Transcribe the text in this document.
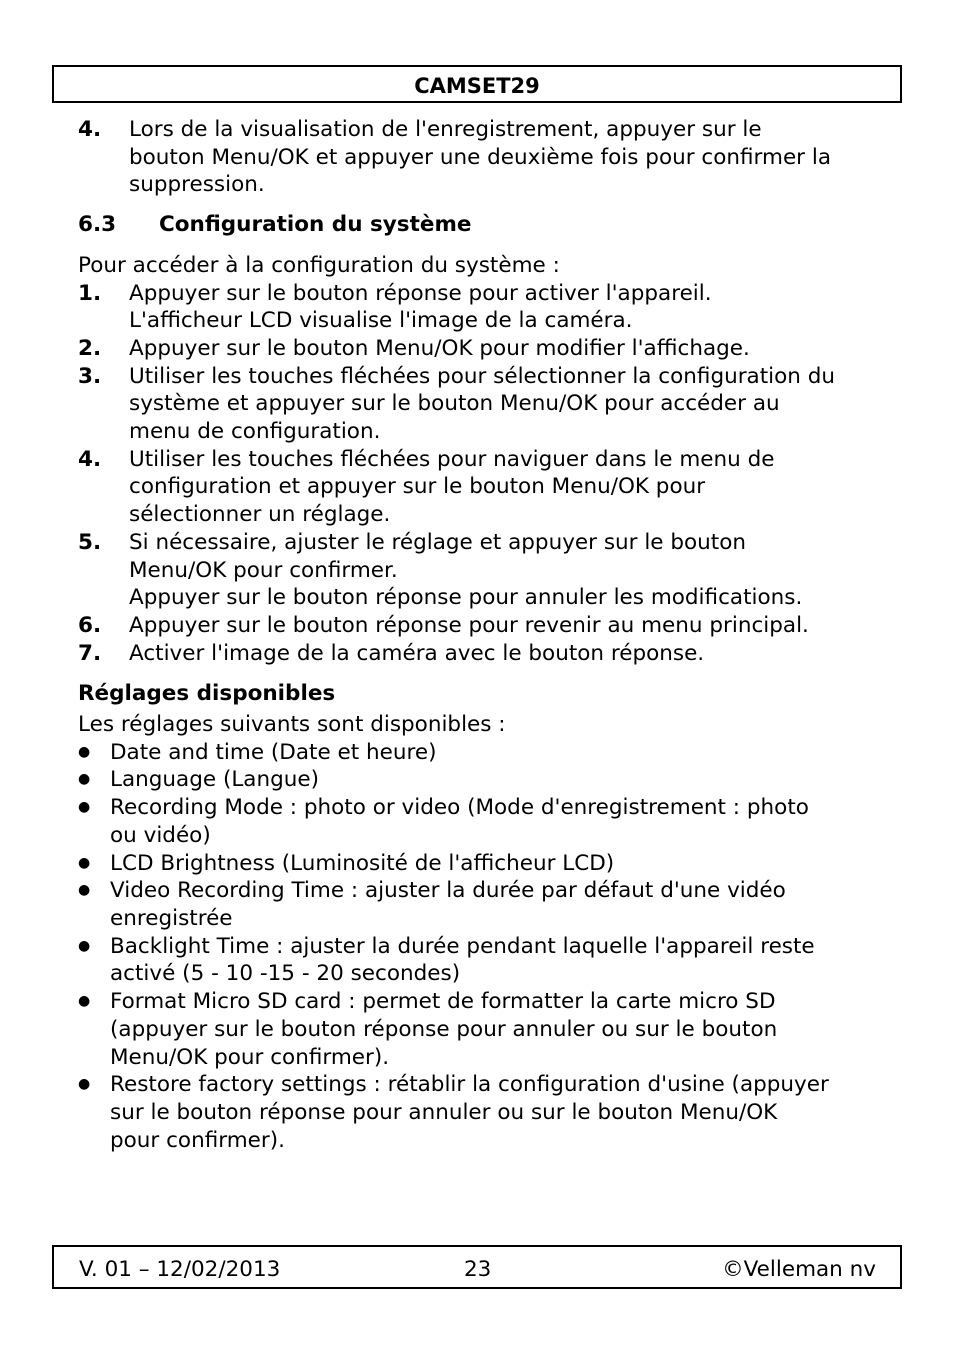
CAMSET29
4.	Lors de la visualisation de l'enregistrement, appuyer sur le
bouton Menu/OK et appuyer une deuxième fois pour confirmer la
suppression.
6.3	Configuration du système
Pour accéder à la configuration du système :
1.	Appuyer sur le bouton réponse pour activer l'appareil.
L'afficheur LCD visualise l'image de la caméra.
2.	Appuyer sur le bouton Menu/OK pour modifier l'affichage.
3.	Utiliser les touches fléchées pour sélectionner la configuration du
système et appuyer sur le bouton Menu/OK pour accéder au
menu de configuration.
4.	Utiliser les touches fléchées pour naviguer dans le menu de
configuration et appuyer sur le bouton Menu/OK pour
sélectionner un réglage.
5.	Si nécessaire, ajuster le réglage et appuyer sur le bouton
Menu/OK pour confirmer.
Appuyer sur le bouton réponse pour annuler les modifications.
6.	Appuyer sur le bouton réponse pour revenir au menu principal.
7.	Activer l'image de la caméra avec le bouton réponse.
Réglages disponibles
Les réglages suivants sont disponibles :
● Date and time (Date et heure)
● Language (Langue)
● Recording Mode : photo or video (Mode d'enregistrement : photo
ou vidéo)
● LCD Brightness (Luminosité de l'afficheur LCD)
● Video Recording Time : ajuster la durée par défaut d'une vidéo
enregistrée
● Backlight Time : ajuster la durée pendant laquelle l'appareil reste
activé (5 - 10 -15 - 20 secondes)
● Format Micro SD card : permet de formatter la carte micro SD
(appuyer sur le bouton réponse pour annuler ou sur le bouton
Menu/OK pour confirmer).
● Restore factory settings : rétablir la configuration d'usine (appuyer
sur le bouton réponse pour annuler ou sur le bouton Menu/OK
pour confirmer).
V. 01 – 12/02/2013	23	©Velleman nv
